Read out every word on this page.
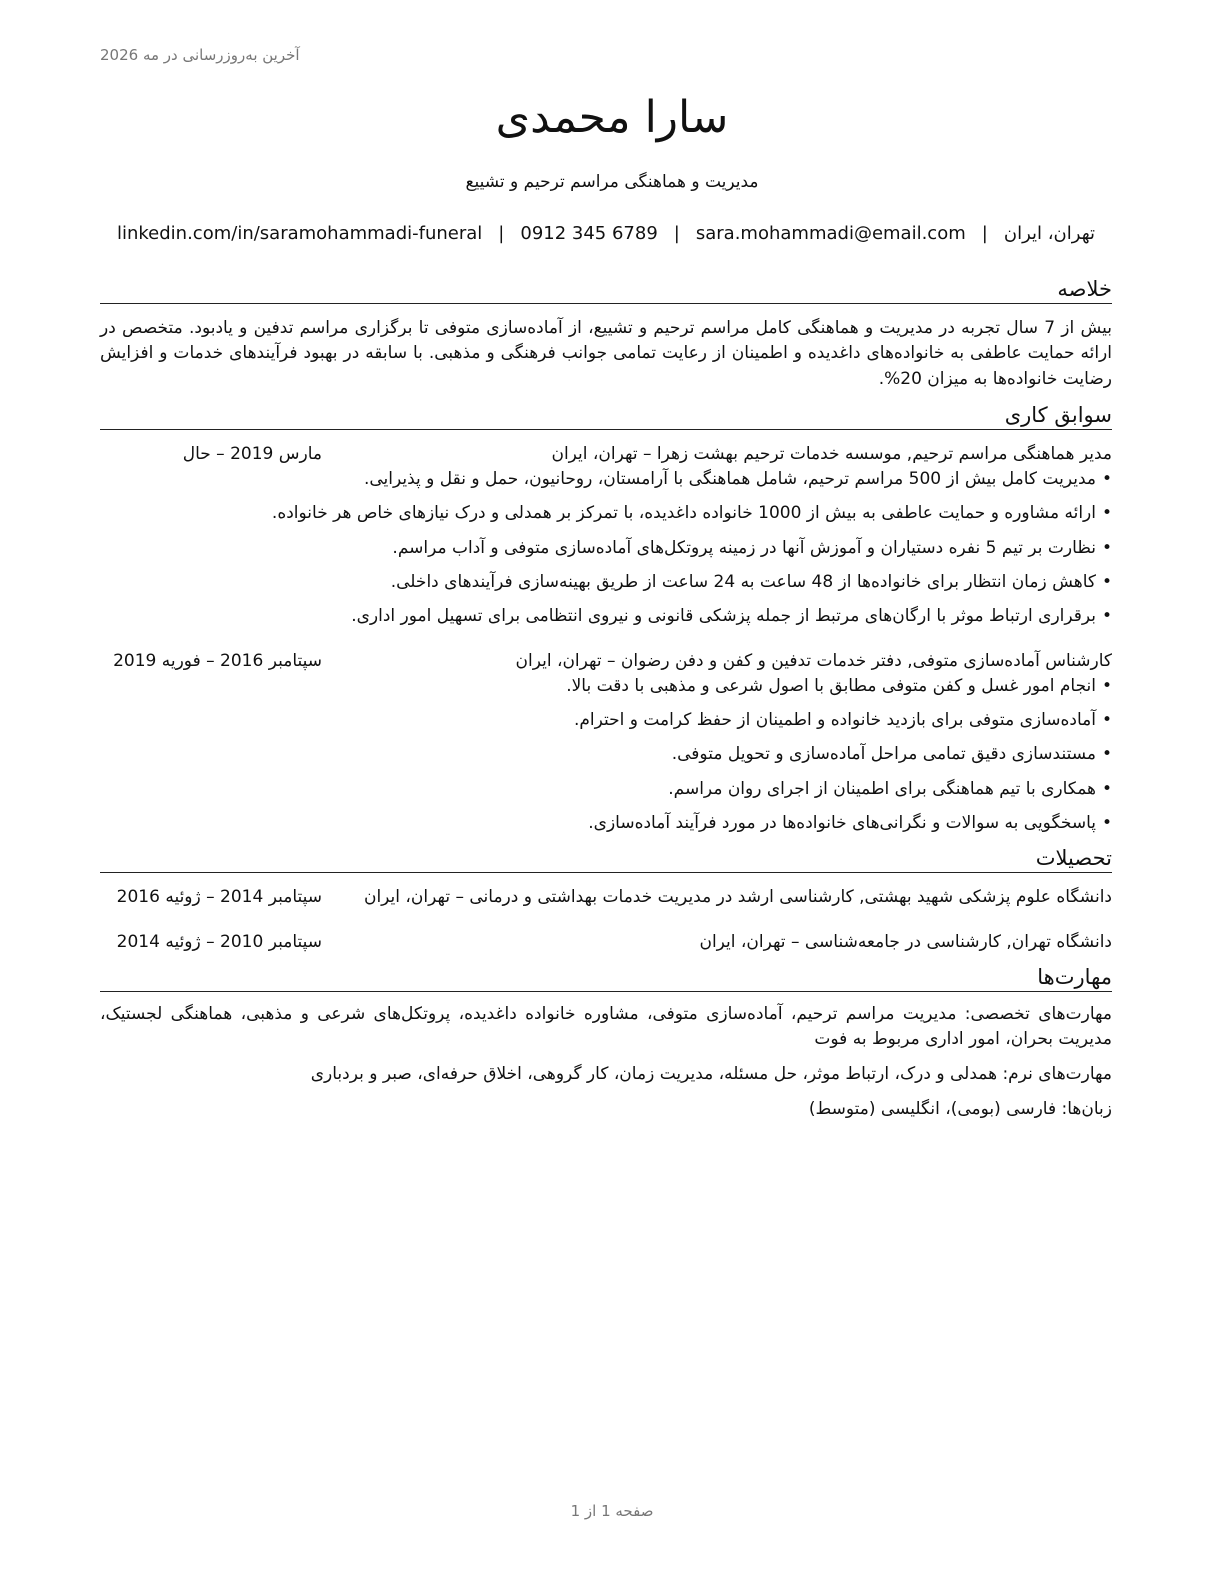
آخرین به‌روزرسانی در مه 2026
سارا محمدی
مدیریت و هماهنگی مراسم ترحیم و تشییع
تهران، ایران|sara.mohammadi@email.com|0912 345 6789|linkedin.com/in/saramohammadi-funeral
خلاصه

بیش از 7 سال تجربه در مدیریت و هماهنگی کامل مراسم ترحیم و تشییع، از آماده‌سازی متوفی تا برگزاری مراسم تدفین و یادبود. متخصص در ارائه حمایت عاطفی به خانواده‌های داغدیده و اطمینان از رعایت تمامی جوانب فرهنگی و مذهبی. با سابقه در بهبود فرآیندهای خدمات و افزایش رضایت خانواده‌ها به میزان 20%.

سوابق کاری
مدیر هماهنگی مراسم ترحیم, موسسه خدمات ترحیم بهشت زهرا – تهران، ایران
مارس 2019 – حال
• مدیریت کامل بیش از 500 مراسم ترحیم، شامل هماهنگی با آرامستان، روحانیون، حمل و نقل و پذیرایی.
• ارائه مشاوره و حمایت عاطفی به بیش از 1000 خانواده داغدیده، با تمرکز بر همدلی و درک نیازهای خاص هر خانواده.
• نظارت بر تیم 5 نفره دستیاران و آموزش آنها در زمینه پروتکل‌های آماده‌سازی متوفی و آداب مراسم.
• کاهش زمان انتظار برای خانواده‌ها از 48 ساعت به 24 ساعت از طریق بهینه‌سازی فرآیندهای داخلی.
• برقراری ارتباط موثر با ارگان‌های مرتبط از جمله پزشکی قانونی و نیروی انتظامی برای تسهیل امور اداری.
کارشناس آماده‌سازی متوفی, دفتر خدمات تدفین و کفن و دفن رضوان – تهران، ایران
سپتامبر 2016 – فوریه 2019
• انجام امور غسل و کفن متوفی مطابق با اصول شرعی و مذهبی با دقت بالا.
• آماده‌سازی متوفی برای بازدید خانواده و اطمینان از حفظ کرامت و احترام.
• مستندسازی دقیق تمامی مراحل آماده‌سازی و تحویل متوفی.
• همکاری با تیم هماهنگی برای اطمینان از اجرای روان مراسم.
• پاسخگویی به سوالات و نگرانی‌های خانواده‌ها در مورد فرآیند آماده‌سازی.
تحصیلات
دانشگاه علوم پزشکی شهید بهشتی, کارشناسی ارشد در مدیریت خدمات بهداشتی و درمانی – تهران، ایران
سپتامبر 2014 – ژوئیه 2016
دانشگاه تهران, کارشناسی در جامعه‌شناسی – تهران، ایران
سپتامبر 2010 – ژوئیه 2014
مهارت‌ها

مهارت‌های تخصصی: مدیریت مراسم ترحیم، آماده‌سازی متوفی، مشاوره خانواده داغدیده، پروتکل‌های شرعی و مذهبی، هماهنگی لجستیک، مدیریت بحران، امور اداری مربوط به فوت

مهارت‌های نرم: همدلی و درک، ارتباط موثر، حل مسئله، مدیریت زمان، کار گروهی، اخلاق حرفه‌ای، صبر و بردباری

زبان‌ها: فارسی (بومی)، انگلیسی (متوسط)

صفحه 1 از 1
